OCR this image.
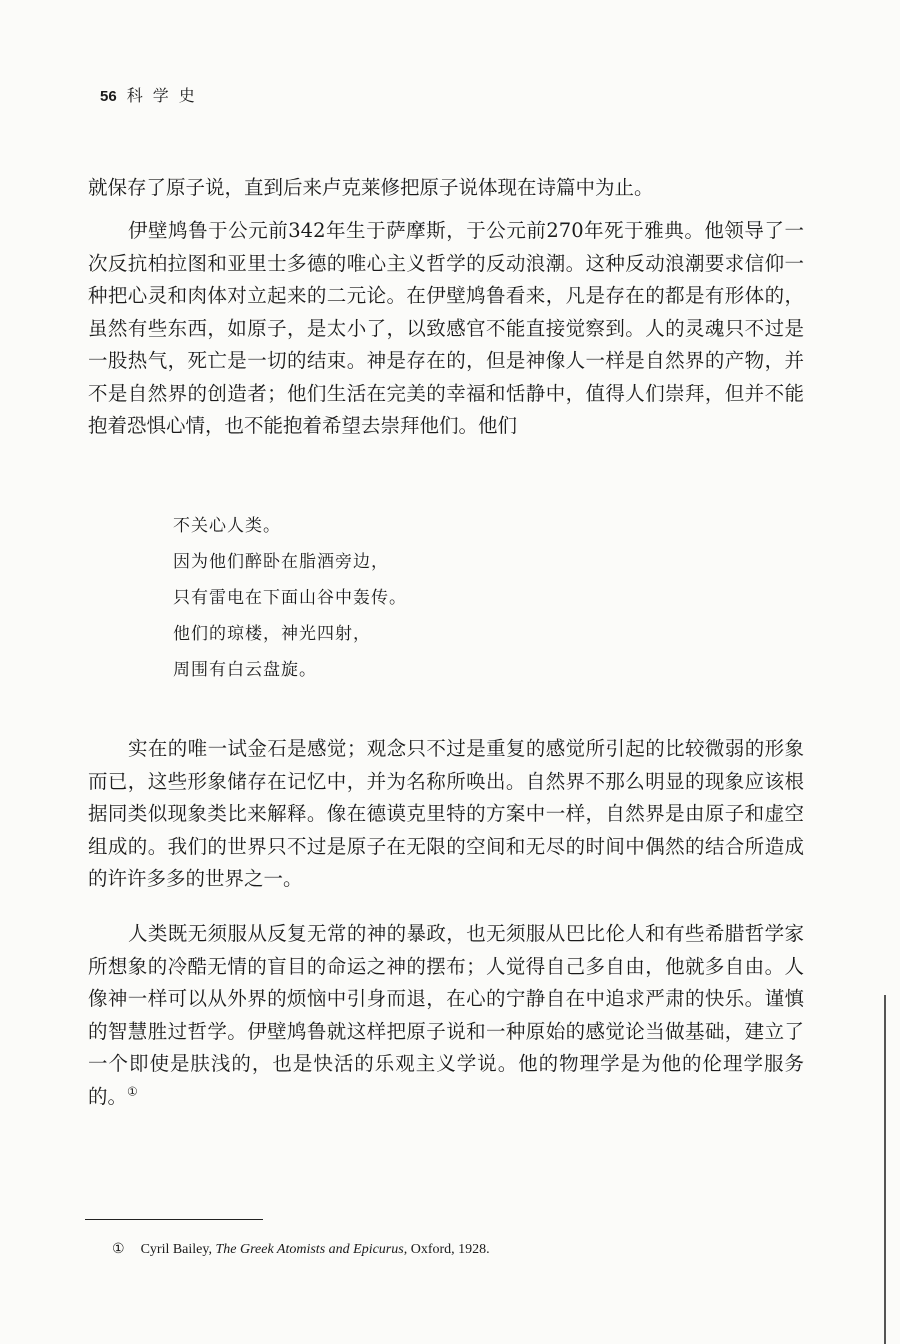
56 科学史

就保存了原子说，直到后来卢克莱修把原子说体现在诗篇中为止。

伊壁鸠鲁于公元前342年生于萨摩斯，于公元前270年死于雅典。他领导了一次反抗柏拉图和亚里士多德的唯心主义哲学的反动浪潮。这种反动浪潮要求信仰一种把心灵和肉体对立起来的二元论。在伊壁鸠鲁看来，凡是存在的都是有形体的，虽然有些东西，如原子，是太小了，以致感官不能直接觉察到。人的灵魂只不过是一股热气，死亡是一切的结束。神是存在的，但是神像人一样是自然界的产物，并不是自然界的创造者；他们生活在完美的幸福和恬静中，值得人们崇拜，但并不能抱着恐惧心情，也不能抱着希望去崇拜他们。他们

不关心人类。
因为他们醉卧在脂酒旁边，
只有雷电在下面山谷中轰传。
他们的琼楼，神光四射，
周围有白云盘旋。

实在的唯一试金石是感觉；观念只不过是重复的感觉所引起的比较微弱的形象而已，这些形象储存在记忆中，并为名称所唤出。自然界不那么明显的现象应该根据同类似现象类比来解释。像在德谟克里特的方案中一样，自然界是由原子和虚空组成的。我们的世界只不过是原子在无限的空间和无尽的时间中偶然的结合所造成的许许多多的世界之一。

人类既无须服从反复无常的神的暴政，也无须服从巴比伦人和有些希腊哲学家所想象的冷酷无情的盲目的命运之神的摆布；人觉得自己多自由，他就多自由。人像神一样可以从外界的烦恼中引身而退，在心的宁静自在中追求严肃的快乐。谨慎的智慧胜过哲学。伊壁鸠鲁就这样把原子说和一种原始的感觉论当做基础，建立了一个即使是肤浅的，也是快活的乐观主义学说。他的物理学是为他的伦理学服务的。①

① Cyril Bailey, The Greek Atomists and Epicurus, Oxford, 1928.
